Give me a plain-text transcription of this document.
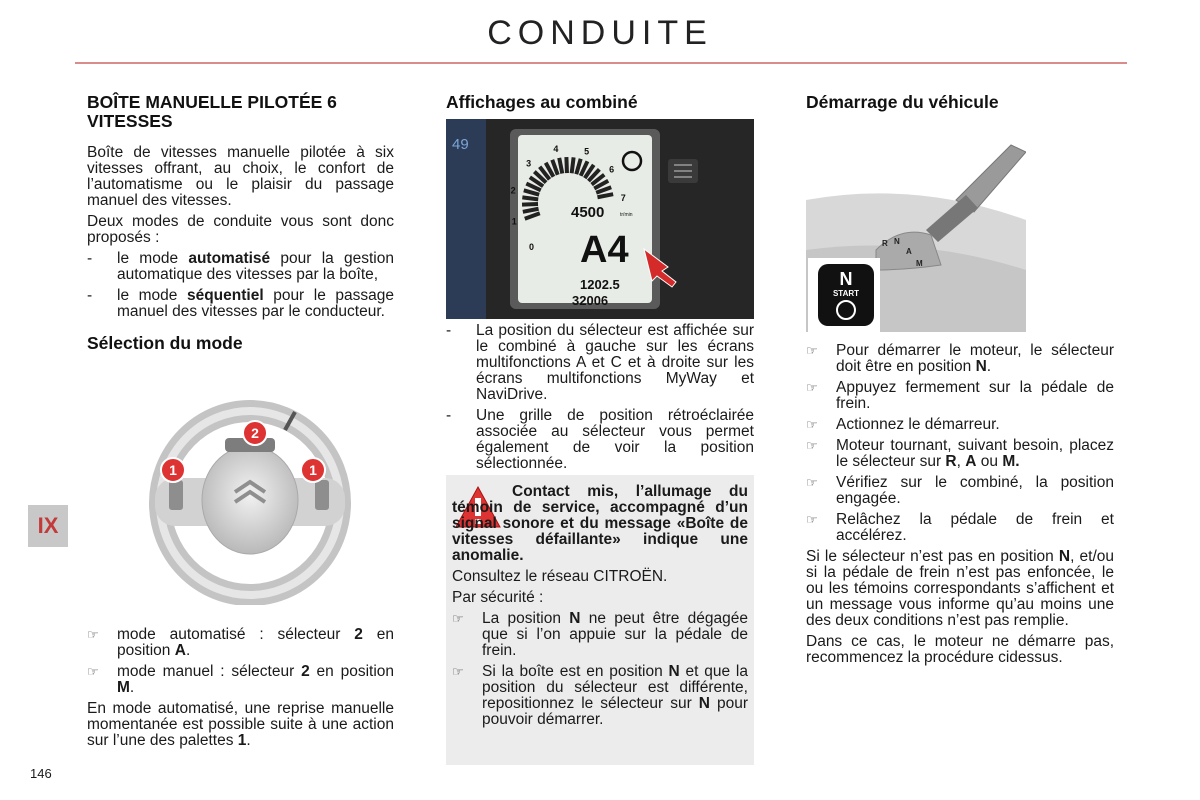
CONDUITE
IX
146
BOÎTE MANUELLE PILOTÉE 6 VITESSES

Boîte de vitesses manuelle pilotée à six vitesses offrant, au choix, le confort de l’automatisme ou le plaisir du passage manuel des vitesses.

Deux modes de conduite vous sont donc proposés :

- le mode automatisé pour la gestion automatique des vitesses par la boîte,
- le mode séquentiel pour le passage manuel des vitesses par le conducteur.
Sélection du mode
1	1
2
☞ mode automatisé : sélecteur 2 en position A.
☞ mode manuel : sélecteur 2 en position M.

En mode automatisé, une reprise manuelle momentanée est possible suite à une action sur l’une des palettes 1.

Affichages au combiné
49
0
1
2
3
4	5
6
7
4500	tr/min
A4
1202.5
32006
- La position du sélecteur est affichée sur le combiné à gauche sur les écrans multifonctions A et C et à droite sur les écrans multifonctions MyWay et NaviDrive.
- Une grille de position rétroéclairée associée au sélecteur vous permet également de voir la position sélectionnée.

Contact mis, l’allumage du témoin de service, accompagné d’un signal sonore et du message «Boîte de vitesses défaillante» indique une anomalie.

Consultez le réseau CITROËN.

Par sécurité :

☞ La position N ne peut être dégagée que si l’on appuie sur la pédale de frein.
☞ Si la boîte est en position N et que la position du sélecteur est différente, repositionnez le sélecteur sur N pour pouvoir démarrer.
Démarrage du véhicule
R N
A
M
N
START
☞ Pour démarrer le moteur, le sélecteur doit être en position N.
☞ Appuyez fermement sur la pédale de frein.
☞ Actionnez le démarreur.
☞ Moteur tournant, suivant besoin, placez le sélecteur sur R, A ou M.
☞ Vérifiez sur le combiné, la position engagée.
☞ Relâchez la pédale de frein et accélérez.

Si le sélecteur n’est pas en position N, et/ou si la pédale de frein n’est pas enfoncée, le ou les témoins correspondants s’affichent et un message vous informe qu’au moins une des deux conditions n’est pas remplie.

Dans ce cas, le moteur ne démarre pas, recommencez la procédure cidessus.
